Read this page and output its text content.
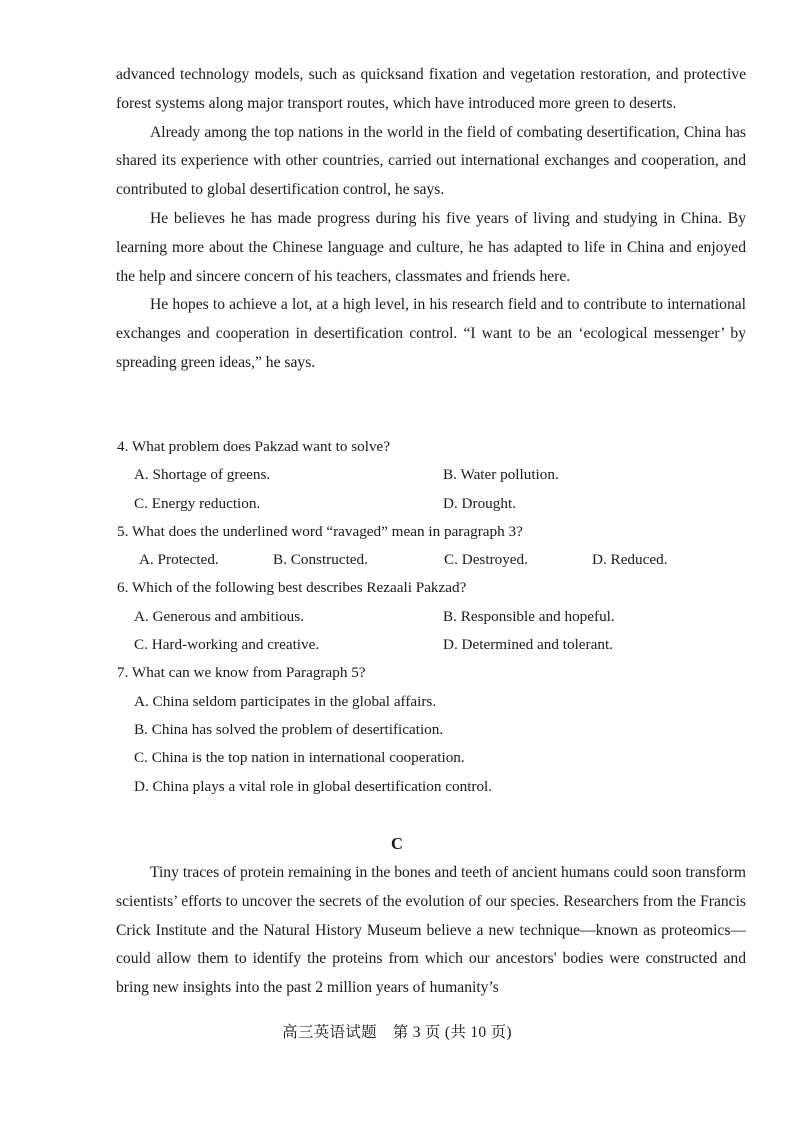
advanced technology models, such as quicksand fixation and vegetation restoration, and protective forest systems along major transport routes, which have introduced more green to deserts.

Already among the top nations in the world in the field of combating desertification, China has shared its experience with other countries, carried out international exchanges and cooperation, and contributed to global desertification control, he says.

He believes he has made progress during his five years of living and studying in China. By learning more about the Chinese language and culture, he has adapted to life in China and enjoyed the help and sincere concern of his teachers, classmates and friends here.

He hopes to achieve a lot, at a high level, in his research field and to contribute to international exchanges and cooperation in desertification control. “I want to be an ‘ecological messenger’ by spreading green ideas,” he says.

4. What problem does Pakzad want to solve?
A. Shortage of greens.	B. Water pollution.
C. Energy reduction.	D. Drought.
5. What does the underlined word “ravaged” mean in paragraph 3?
A. Protected.	B. Constructed.	C. Destroyed.	D. Reduced.
6. Which of the following best describes Rezaali Pakzad?
A. Generous and ambitious.	B. Responsible and hopeful.
C. Hard-working and creative.	D. Determined and tolerant.
7. What can we know from Paragraph 5?
A. China seldom participates in the global affairs.
B. China has solved the problem of desertification.
C. China is the top nation in international cooperation.
D. China plays a vital role in global desertification control.
C

Tiny traces of protein remaining in the bones and teeth of ancient humans could soon transform scientists’ efforts to uncover the secrets of the evolution of our species. Researchers from the Francis Crick Institute and the Natural History Museum believe a new technique—known as proteomics—could allow them to identify the proteins from which our ancestors' bodies were constructed and bring new insights into the past 2 million years of humanity’s

高三英语试题　第 3 页 (共 10 页)
